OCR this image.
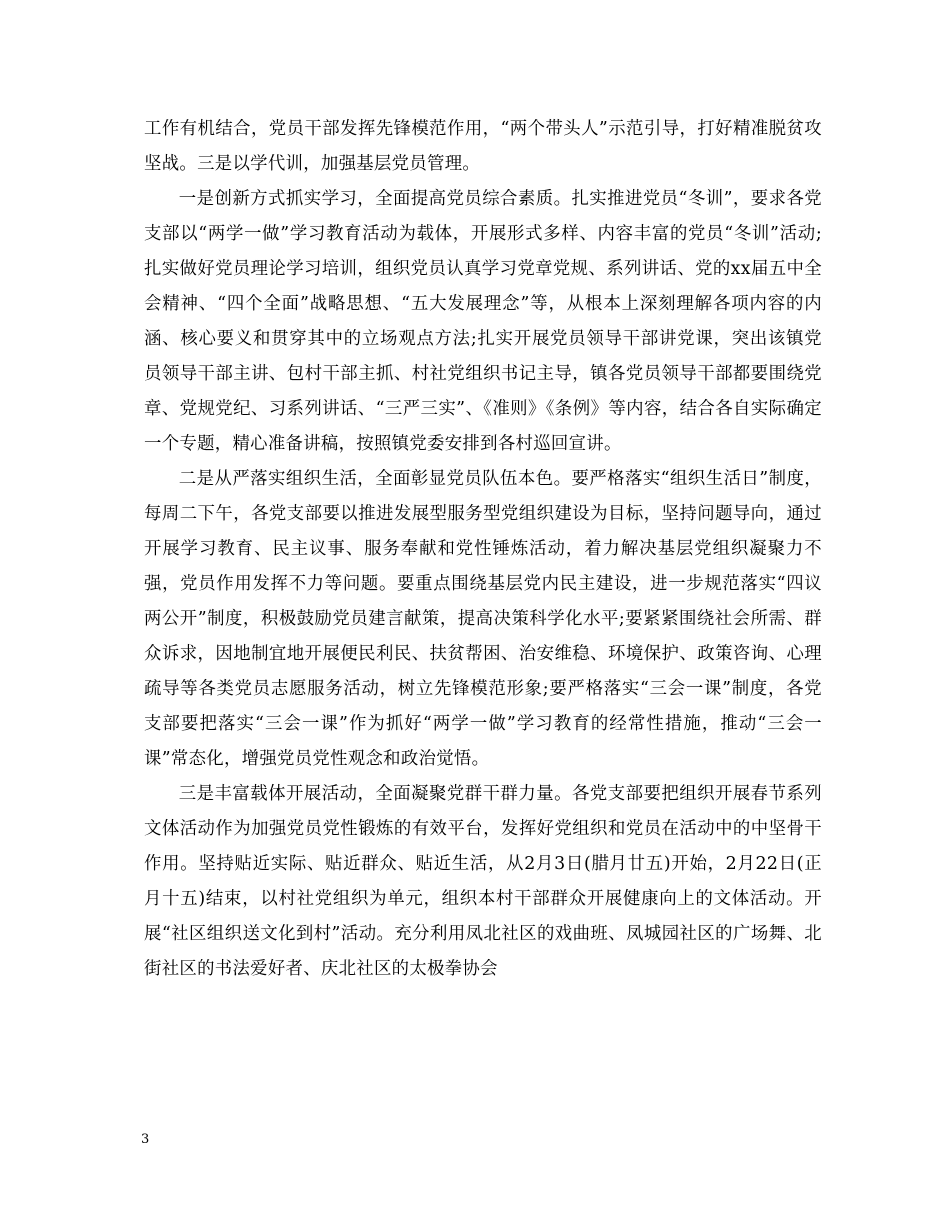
工作有机结合，党员干部发挥先锋模范作用，“两个带头人”示范引导，打好精准脱贫攻坚战。三是以学代训，加强基层党员管理。

一是创新方式抓实学习，全面提高党员综合素质。扎实推进党员“冬训”，要求各党支部以“两学一做”学习教育活动为载体，开展形式多样、内容丰富的党员“冬训”活动;扎实做好党员理论学习培训，组织党员认真学习党章党规、系列讲话、党的xx届五中全会精神、“四个全面”战略思想、“五大发展理念”等，从根本上深刻理解各项内容的内涵、核心要义和贯穿其中的立场观点方法;扎实开展党员领导干部讲党课，突出该镇党员领导干部主讲、包村干部主抓、村社党组织书记主导，镇各党员领导干部都要围绕党章、党规党纪、习系列讲话、“三严三实”、《准则》《条例》等内容，结合各自实际确定一个专题，精心准备讲稿，按照镇党委安排到各村巡回宣讲。

二是从严落实组织生活，全面彰显党员队伍本色。要严格落实“组织生活日”制度，每周二下午，各党支部要以推进发展型服务型党组织建设为目标，坚持问题导向，通过开展学习教育、民主议事、服务奉献和党性锤炼活动，着力解决基层党组织凝聚力不强，党员作用发挥不力等问题。要重点围绕基层党内民主建设，进一步规范落实“四议两公开”制度，积极鼓励党员建言献策，提高决策科学化水平;要紧紧围绕社会所需、群众诉求，因地制宜地开展便民利民、扶贫帮困、治安维稳、环境保护、政策咨询、心理疏导等各类党员志愿服务活动，树立先锋模范形象;要严格落实“三会一课”制度，各党支部要把落实“三会一课”作为抓好“两学一做”学习教育的经常性措施，推动“三会一课”常态化，增强党员党性观念和政治觉悟。

三是丰富载体开展活动，全面凝聚党群干群力量。各党支部要把组织开展春节系列文体活动作为加强党员党性锻炼的有效平台，发挥好党组织和党员在活动中的中坚骨干作用。坚持贴近实际、贴近群众、贴近生活，从2月3日(腊月廿五)开始，2月22日(正月十五)结束，以村社党组织为单元，组织本村干部群众开展健康向上的文体活动。开展“社区组织送文化到村”活动。充分利用凤北社区的戏曲班、凤城园社区的广场舞、北街社区的书法爱好者、庆北社区的太极拳协会

3
